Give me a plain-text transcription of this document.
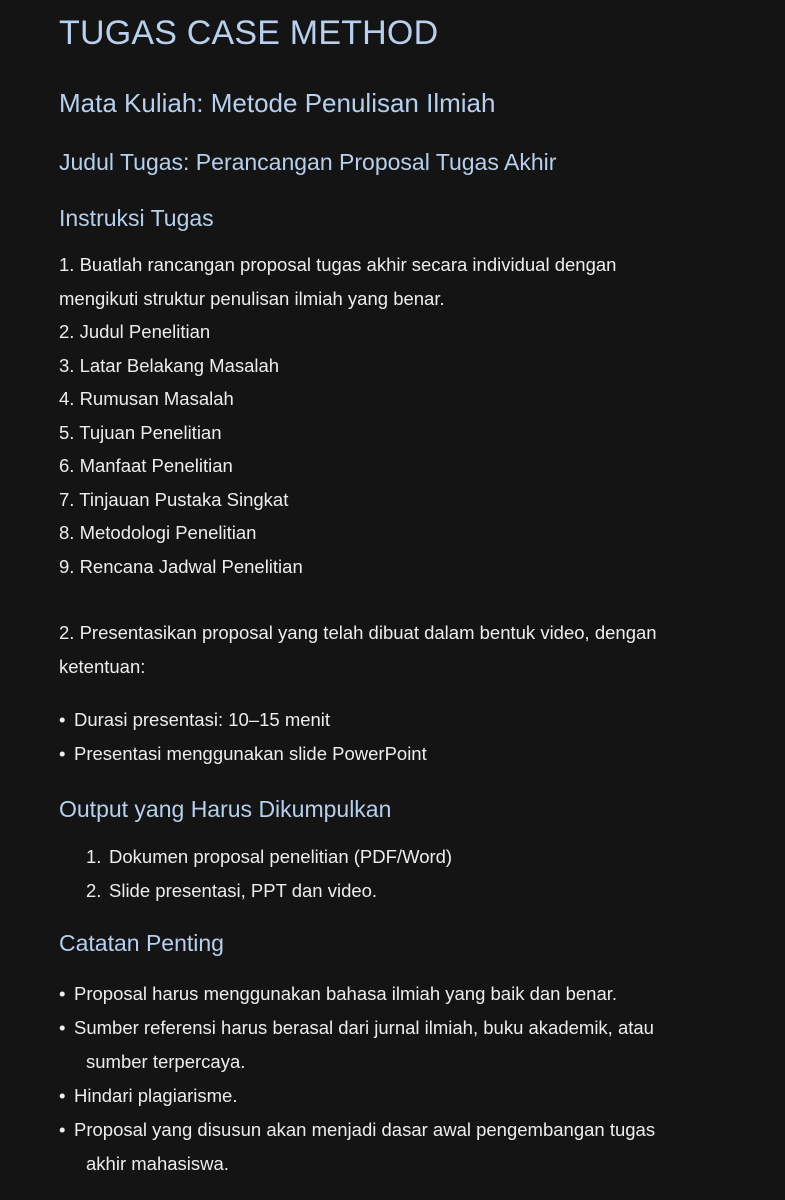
TUGAS CASE METHOD
Mata Kuliah: Metode Penulisan Ilmiah
Judul Tugas: Perancangan Proposal Tugas Akhir
Instruksi Tugas
1. Buatlah rancangan proposal tugas akhir secara individual dengan
mengikuti struktur penulisan ilmiah yang benar.
2. Judul Penelitian
3. Latar Belakang Masalah
4. Rumusan Masalah
5. Tujuan Penelitian
6. Manfaat Penelitian
7. Tinjauan Pustaka Singkat
8. Metodologi Penelitian
9. Rencana Jadwal Penelitian
2. Presentasikan proposal yang telah dibuat dalam bentuk video, dengan
ketentuan:
• Durasi presentasi: 10–15 menit
• Presentasi menggunakan slide PowerPoint
Output yang Harus Dikumpulkan
1. Dokumen proposal penelitian (PDF/Word)
2. Slide presentasi, PPT dan video.
Catatan Penting
• Proposal harus menggunakan bahasa ilmiah yang baik dan benar.
• Sumber referensi harus berasal dari jurnal ilmiah, buku akademik, atau
sumber terpercaya.
• Hindari plagiarisme.
• Proposal yang disusun akan menjadi dasar awal pengembangan tugas
akhir mahasiswa.
